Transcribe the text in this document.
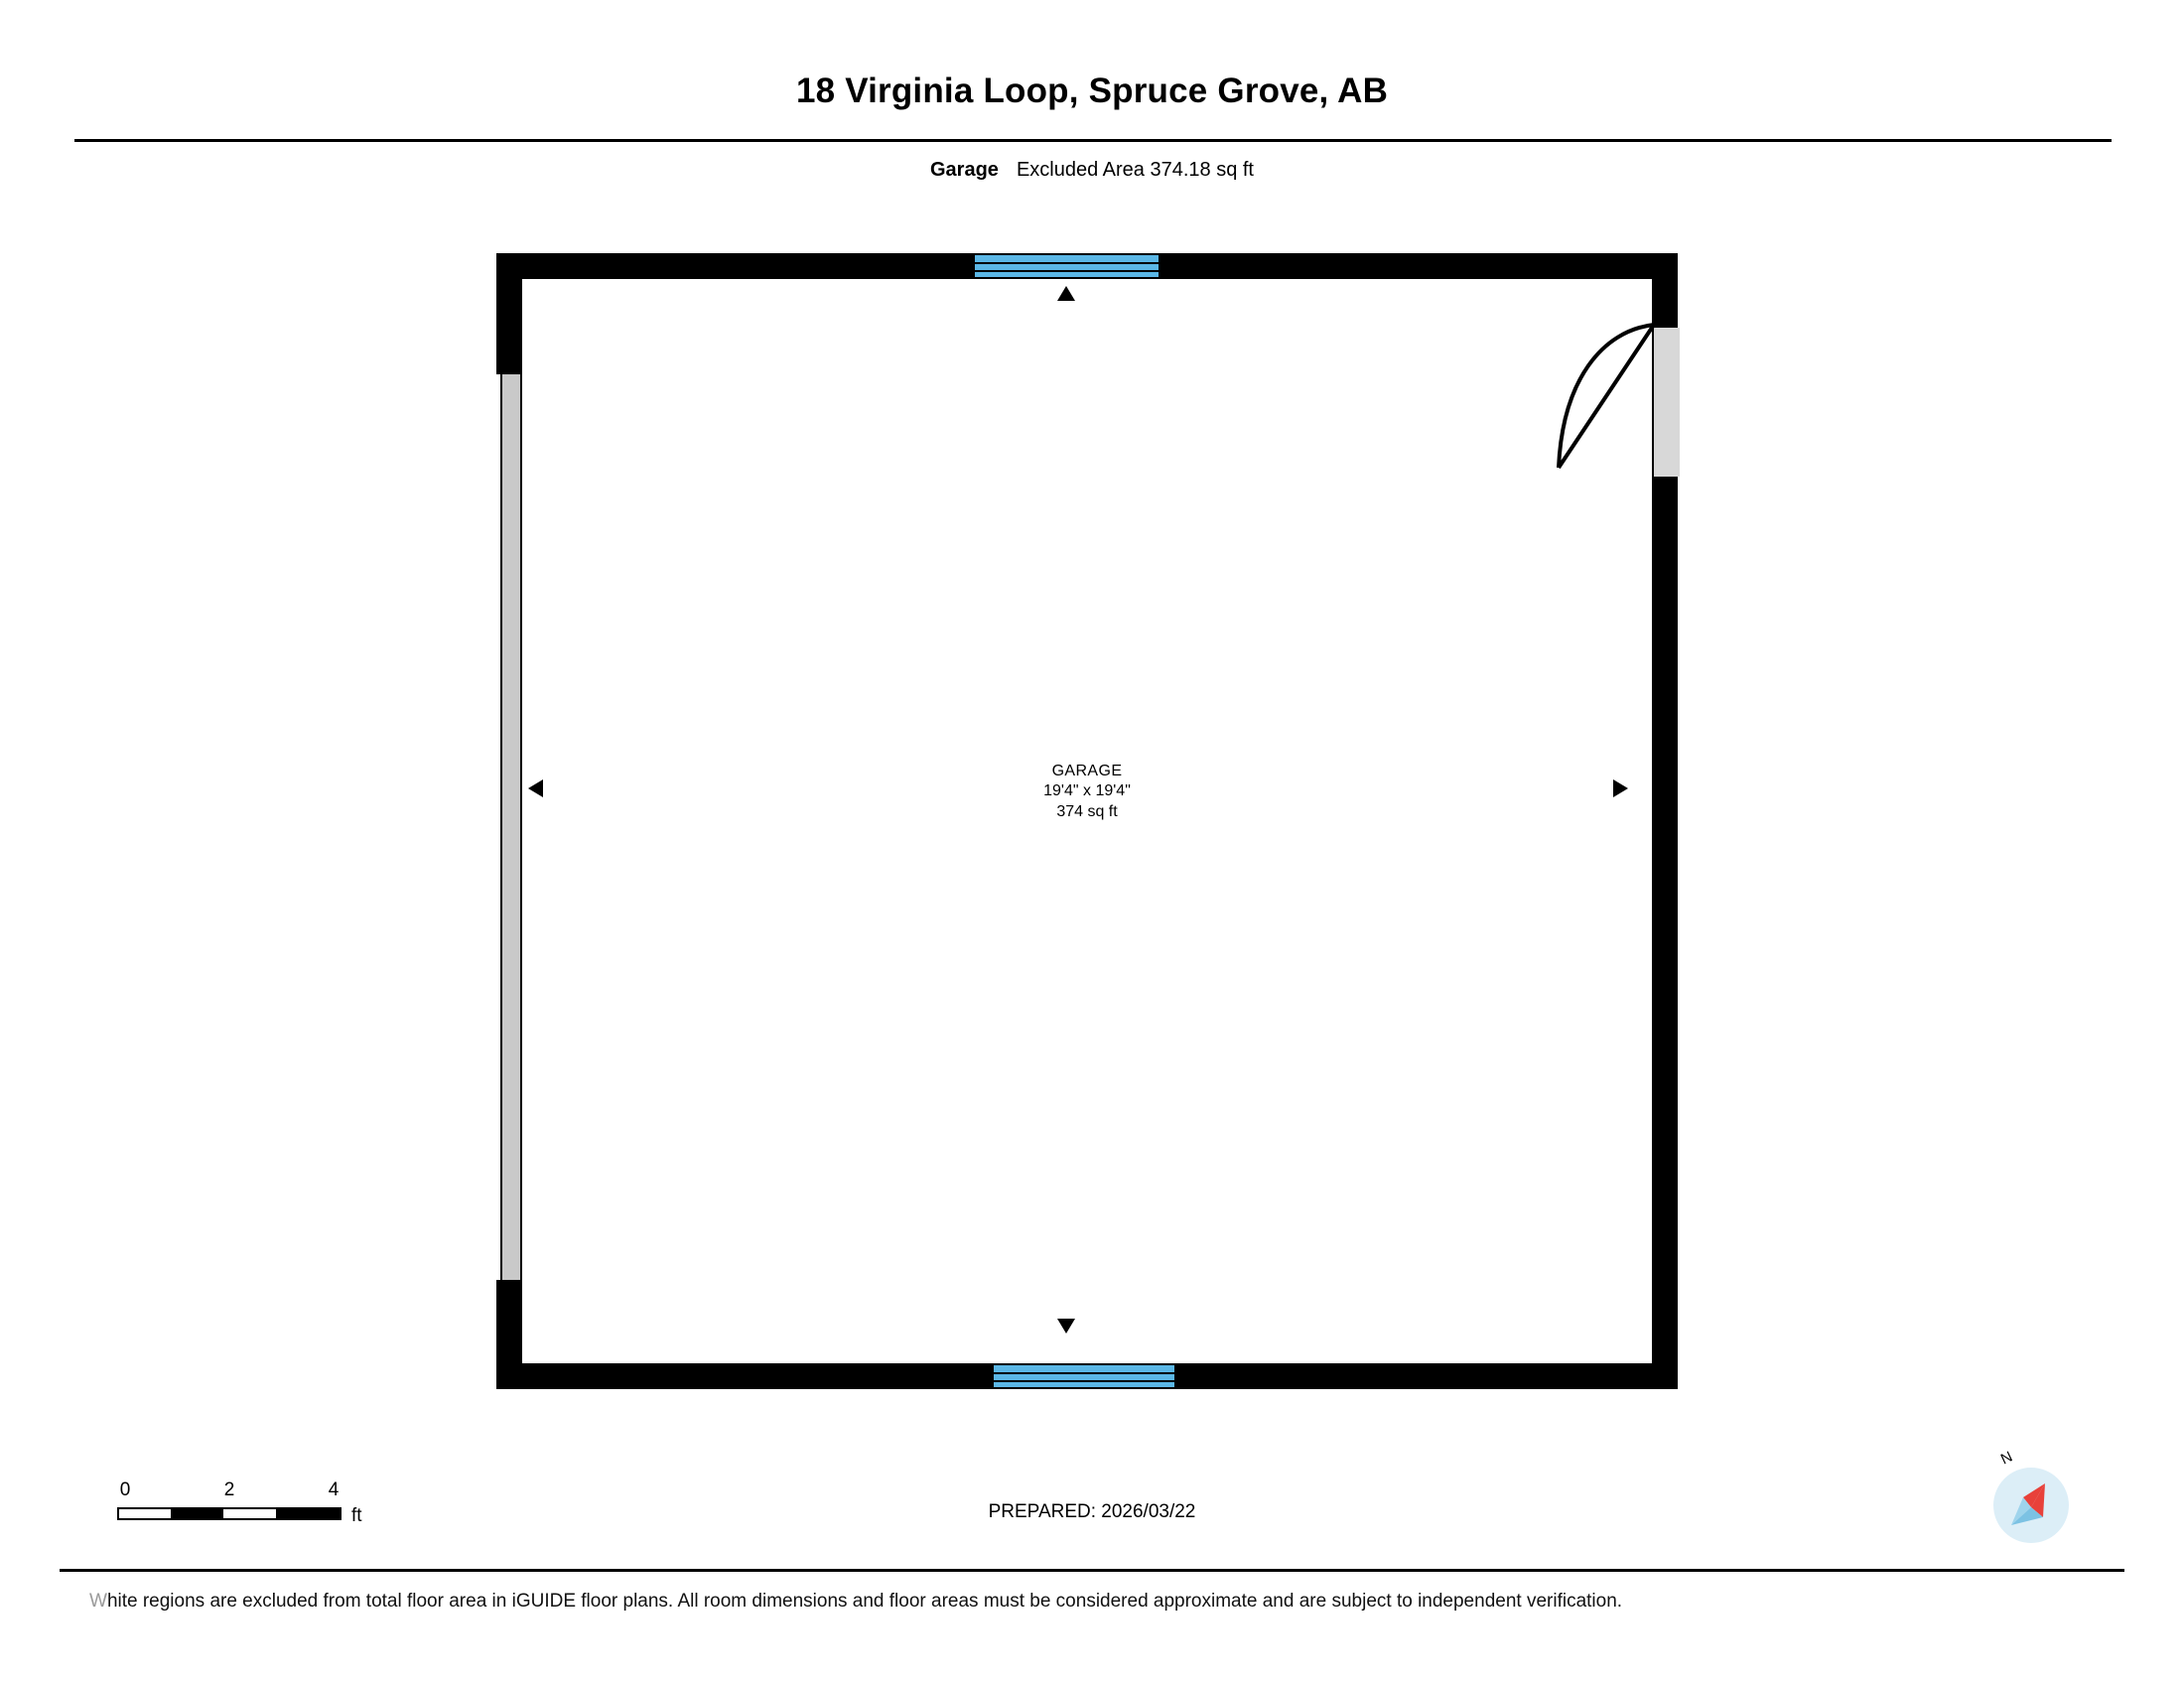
18 Virginia Loop, Spruce Grove, AB
Garage Excluded Area 374.18 sq ft
GARAGE
19'4" x 19'4"
374 sq ft
0	2	4
ft	PREPARED: 2026/03/22
N
White regions are excluded from total floor area in iGUIDE floor plans. All room dimensions and floor areas must be considered approximate and are subject to independent verification.
